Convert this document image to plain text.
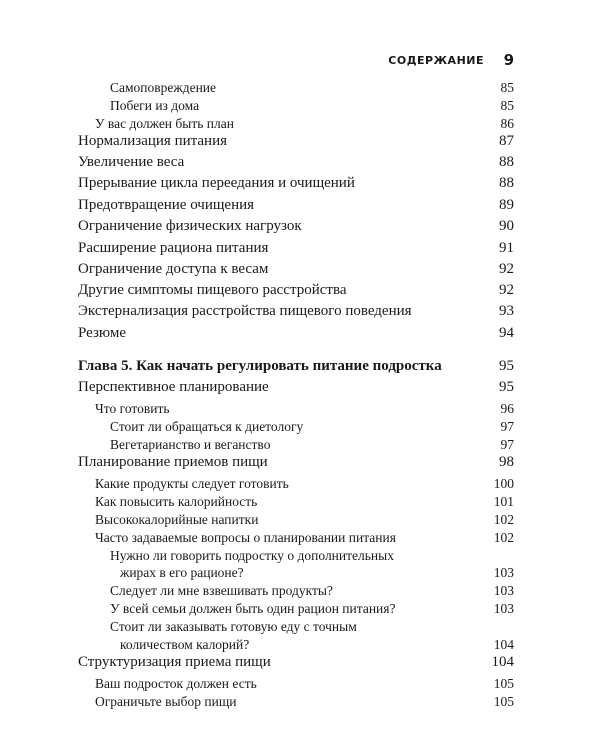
СОДЕРЖАНИЕ 9
Самоповреждение	85
Побеги из дома	85
У вас должен быть план	86
Нормализация питания	87
Увеличение веса	88
Прерывание цикла переедания и очищений	88
Предотвращение очищения	89
Ограничение физических нагрузок	90
Расширение рациона питания	91
Ограничение доступа к весам	92
Другие симптомы пищевого расстройства	92
Экстернализация расстройства пищевого поведения	93
Резюме	94
Глава 5. Как начать регулировать питание подростка	95
Перспективное планирование	95
Что готовить	96
Стоит ли обращаться к диетологу	97
Вегетарианство и веганство	97
Планирование приемов пищи	98
Какие продукты следует готовить	100
Как повысить калорийность	101
Высококалорийные напитки	102
Часто задаваемые вопросы о планировании питания	102
Нужно ли говорить подростку о дополнительных
жирах в его рационе?	103
Следует ли мне взвешивать продукты?	103
У всей семьи должен быть один рацион питания?	103
Стоит ли заказывать готовую еду с точным
количеством калорий?	104
Структуризация приема пищи	104
Ваш подросток должен есть	105
Ограничьте выбор пищи	105
